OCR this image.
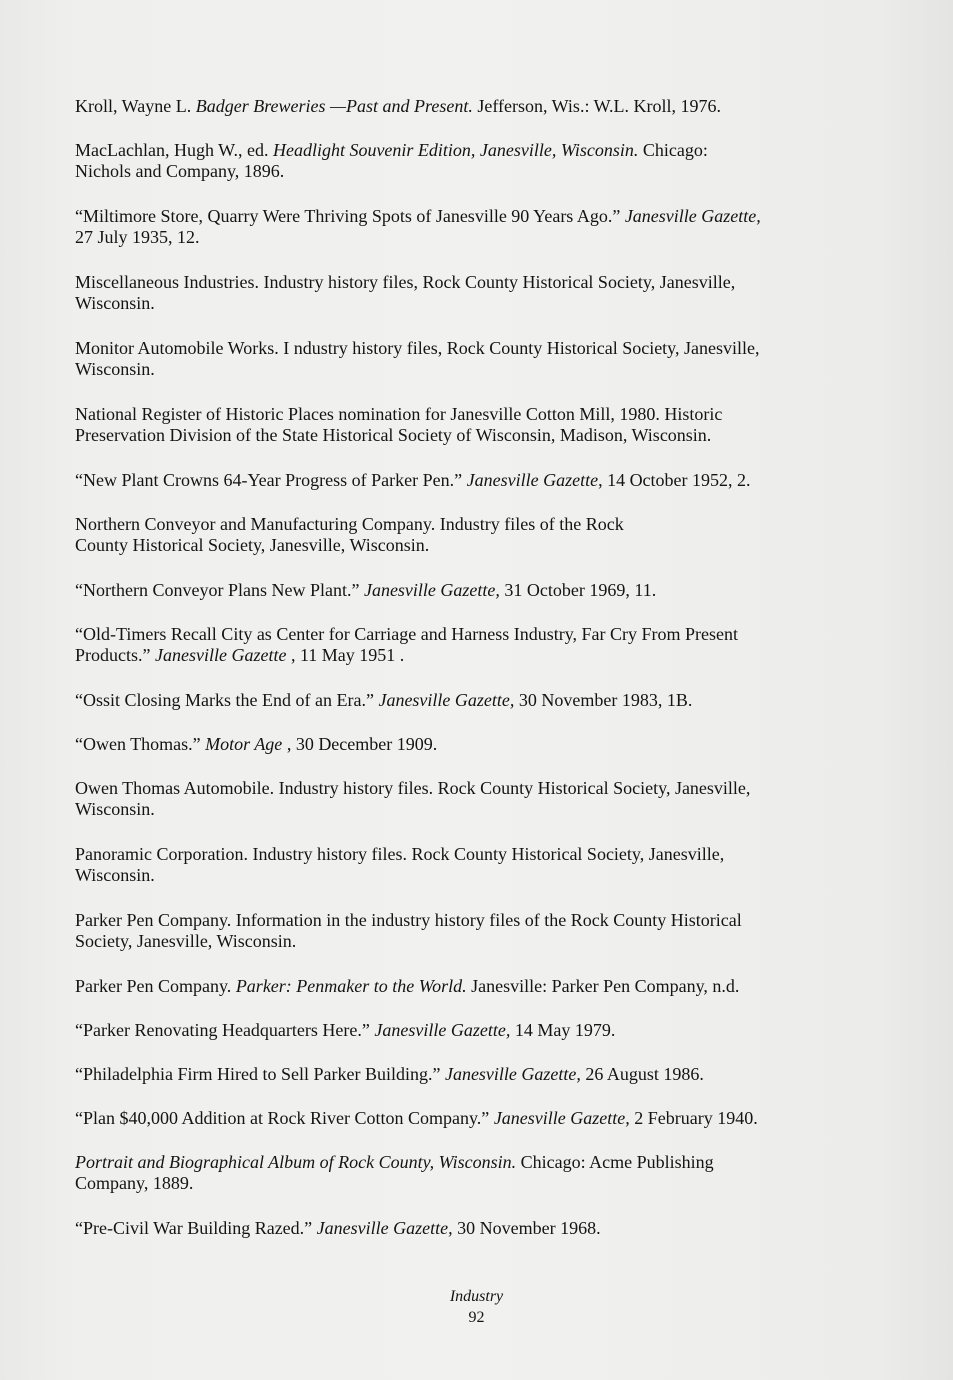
Kroll, Wayne L. Badger Breweries —Past and Present. Jefferson, Wis.: W.L. Kroll, 1976.
MacLachlan, Hugh W., ed. Headlight Souvenir Edition, Janesville, Wisconsin. Chicago:
Nichols and Company, 1896.
“Miltimore Store, Quarry Were Thriving Spots of Janesville 90 Years Ago.” Janesville Gazette,
27 July 1935, 12.
Miscellaneous Industries. Industry history files, Rock County Historical Society, Janesville,
Wisconsin.
Monitor Automobile Works. I ndustry history files, Rock County Historical Society, Janesville,
Wisconsin.
National Register of Historic Places nomination for Janesville Cotton Mill, 1980. Historic
Preservation Division of the State Historical Society of Wisconsin, Madison, Wisconsin.
“New Plant Crowns 64-Year Progress of Parker Pen.” Janesville Gazette, 14 October 1952, 2.
Northern Conveyor and Manufacturing Company. Industry files of the Rock
County Historical Society, Janesville, Wisconsin.
“Northern Conveyor Plans New Plant.” Janesville Gazette, 31 October 1969, 11.
“Old-Timers Recall City as Center for Carriage and Harness Industry, Far Cry From Present
Products.” Janesville Gazette , 11 May 1951 .
“Ossit Closing Marks the End of an Era.” Janesville Gazette, 30 November 1983, 1B.
“Owen Thomas.” Motor Age , 30 December 1909.
Owen Thomas Automobile. Industry history files. Rock County Historical Society, Janesville,
Wisconsin.
Panoramic Corporation. Industry history files. Rock County Historical Society, Janesville,
Wisconsin.
Parker Pen Company. Information in the industry history files of the Rock County Historical
Society, Janesville, Wisconsin.
Parker Pen Company. Parker: Penmaker to the World. Janesville: Parker Pen Company, n.d.
“Parker Renovating Headquarters Here.” Janesville Gazette, 14 May 1979.
“Philadelphia Firm Hired to Sell Parker Building.” Janesville Gazette, 26 August 1986.
“Plan $40,000 Addition at Rock River Cotton Company.” Janesville Gazette, 2 February 1940.
Portrait and Biographical Album of Rock County, Wisconsin. Chicago: Acme Publishing
Company, 1889.
“Pre-Civil War Building Razed.” Janesville Gazette, 30 November 1968.
Industry
92
